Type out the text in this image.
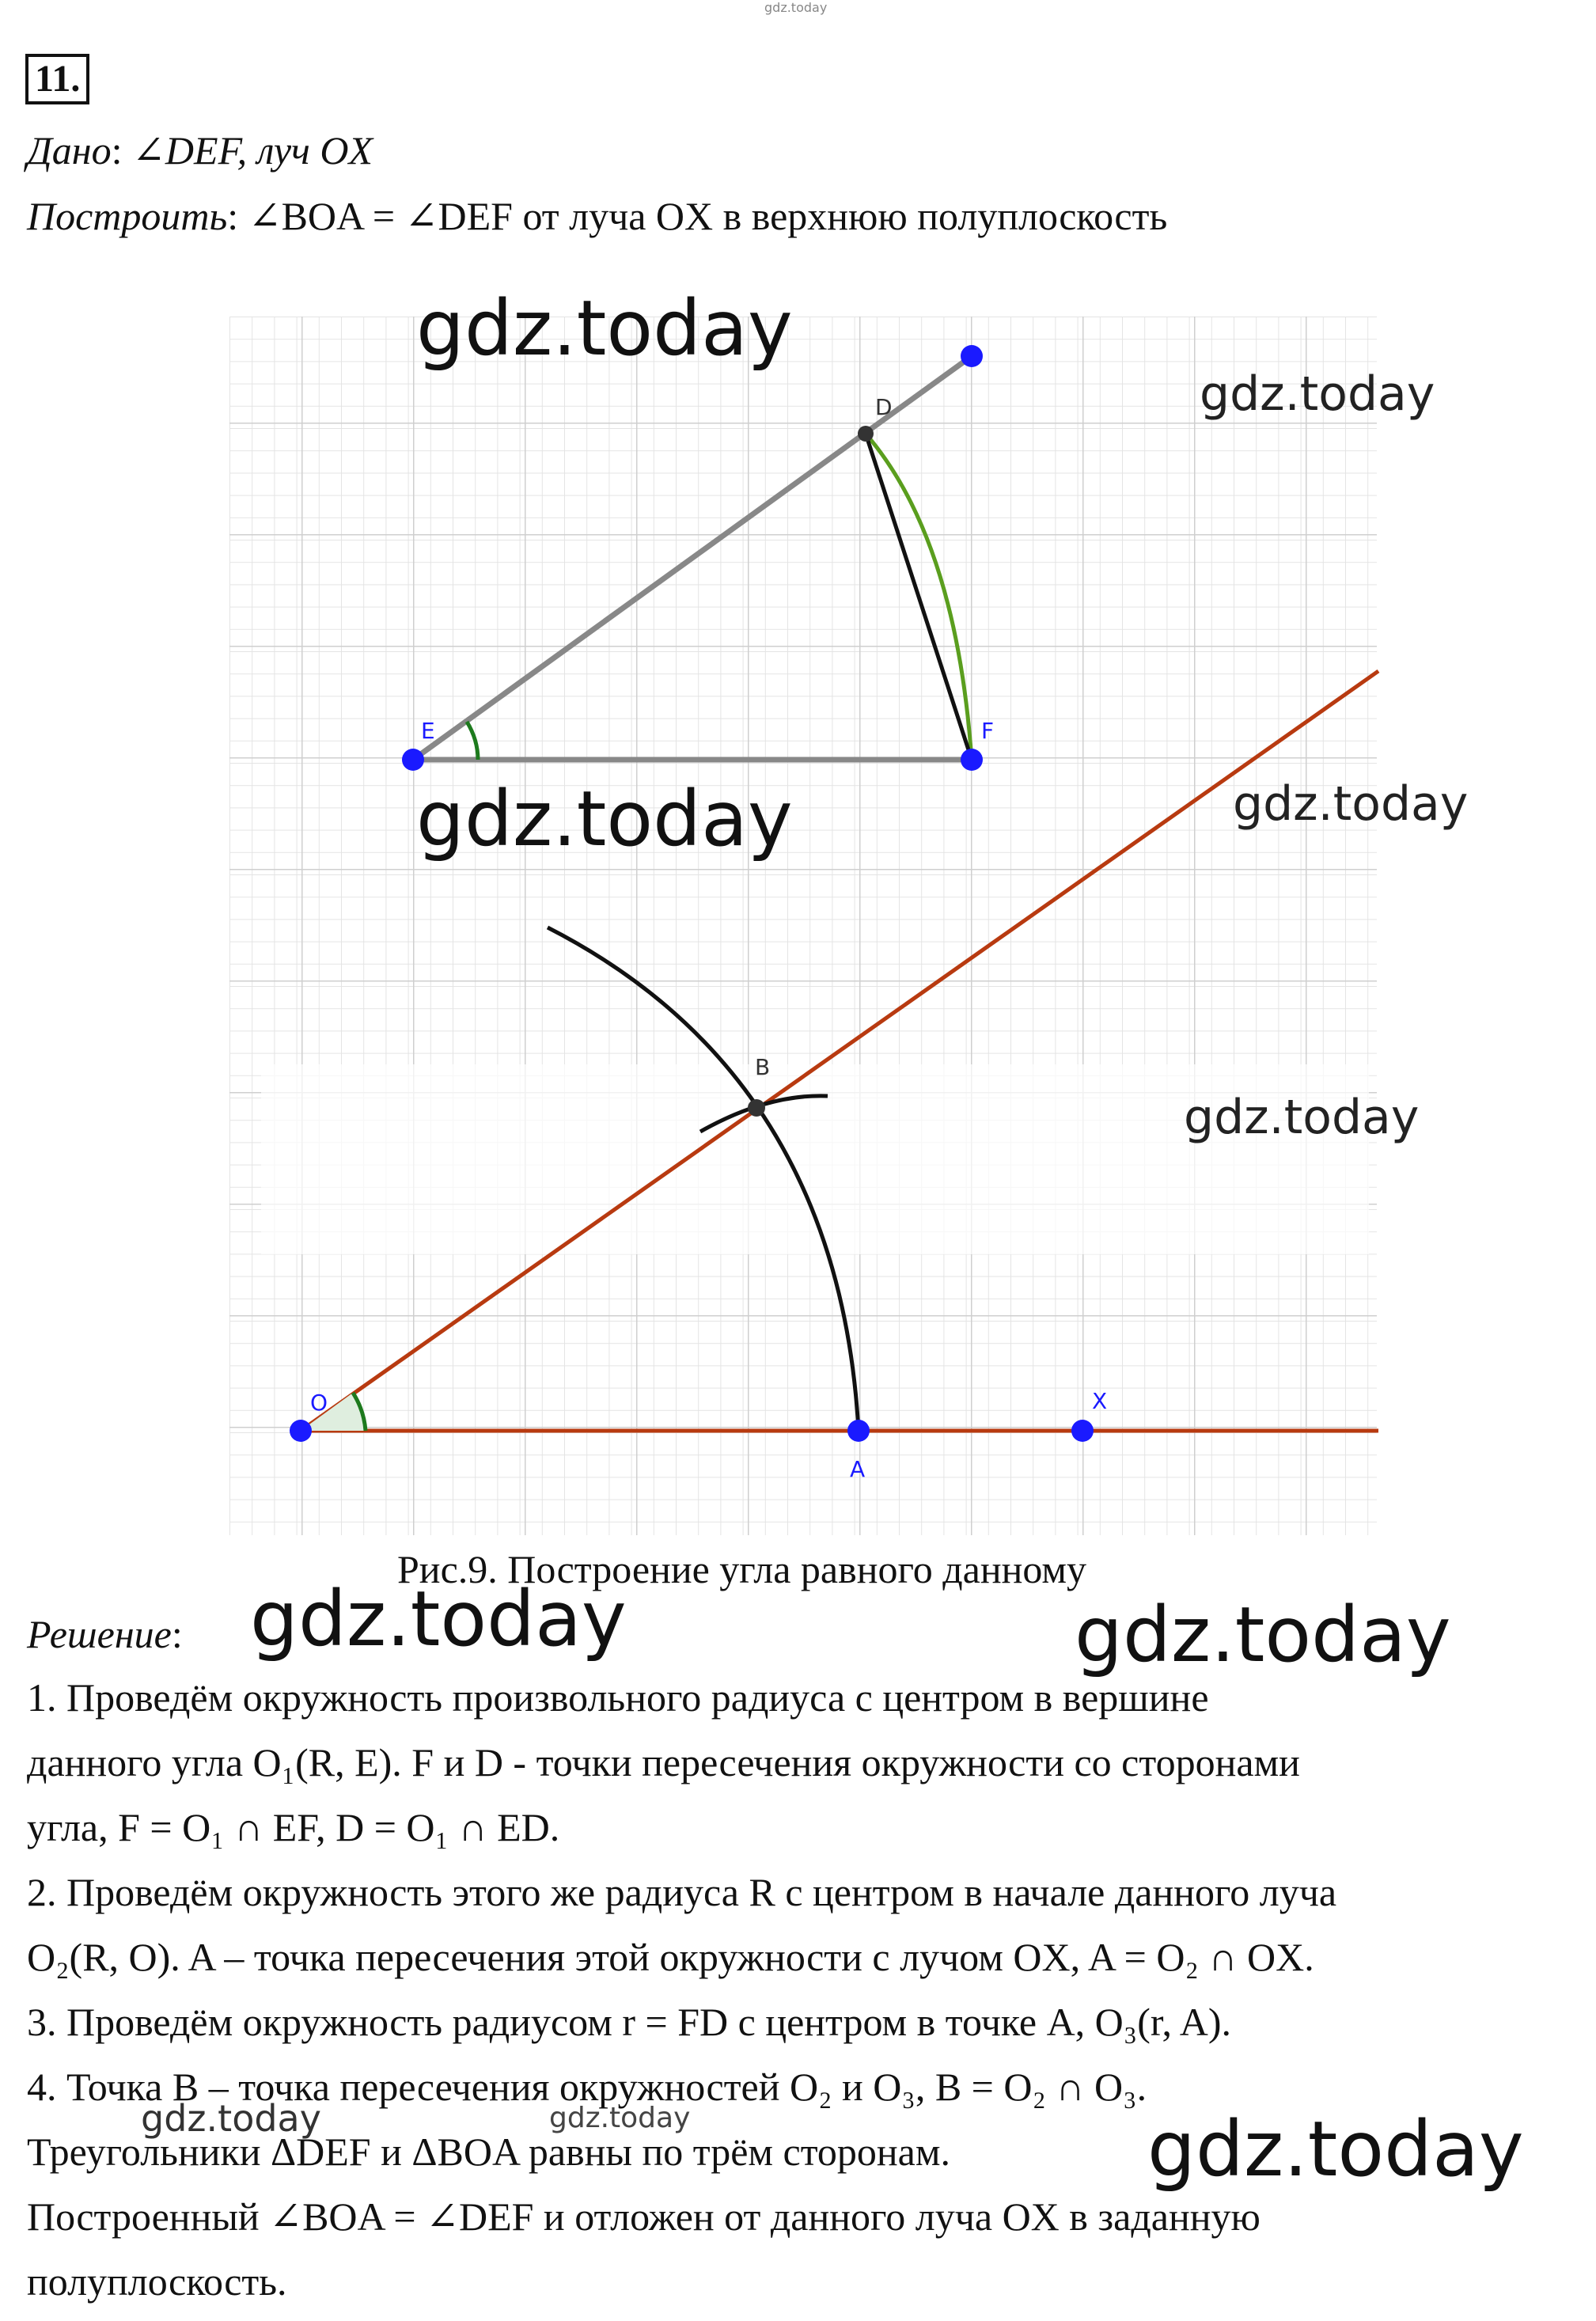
gdz.today
11.
Дано: ∠DEF, луч OX
Построить: ∠BOA = ∠DEF от луча OX в верхнюю полуплоскость
D
E	F
B
O
A
X
gdz.today
gdz.today
gdz.today	gdz.today
gdz.today
Рис.9. Построение угла равного данному
Решение: gdz.today	gdz.today
1. Проведём окружность произвольного радиуса с центром в вершине
данного угла O₁(R, E). F и D - точки пересечения окружности со сторонами
угла, F = O₁ ∩ EF, D = O₁ ∩ ED.
2. Проведём окружность этого же радиуса R с центром в начале данного луча
O₂(R, O). A – точка пересечения этой окружности с лучом OX, A = O₂ ∩ OX.
3. Проведём окружность радиусом r = FD с центром в точке A, O₃(r, A).
4. Точка B – точка пересечения окружностей O₂ и O₃, B = O₂ ∩ O₃.
Треугольники ΔDEF и ΔBOA равны по трём сторонам.
Построенный ∠BOA = ∠DEF и отложен от данного луча OX в заданную
полуплоскость.
gdz.today	gdz.today	gdz.today
